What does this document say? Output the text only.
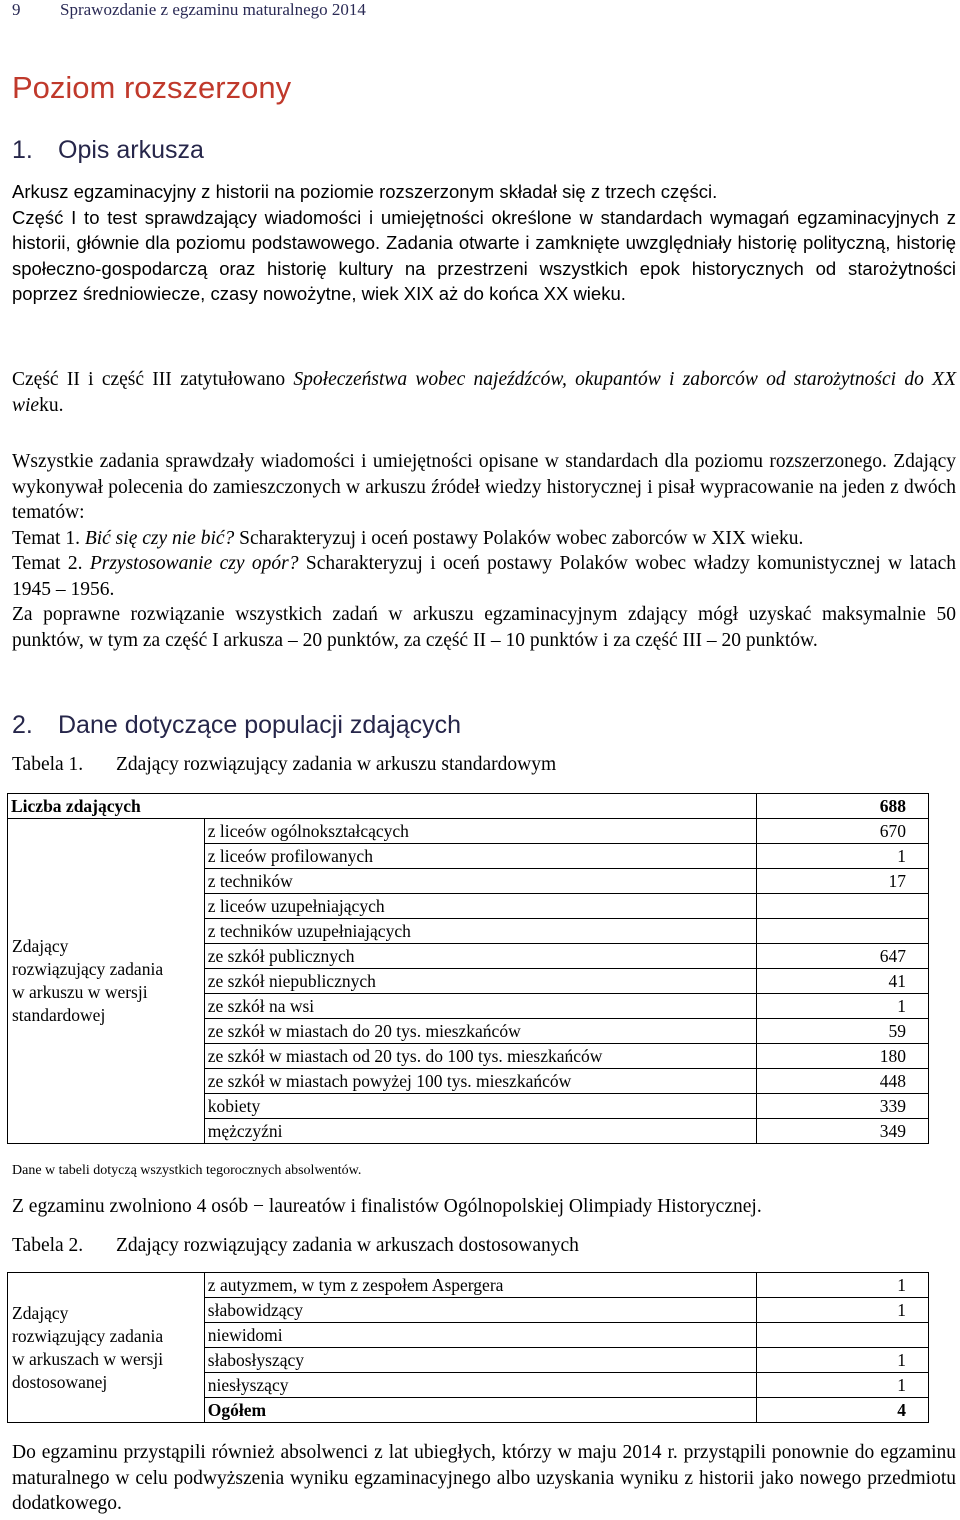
9 Sprawozdanie z egzaminu maturalnego 2014
Poziom rozszerzony
1. Opis arkusza
Arkusz egzaminacyjny z historii na poziomie rozszerzonym składał się z trzech części.
Część I to test sprawdzający wiadomości i umiejętności określone w standardach wymagań egzaminacyjnych z historii, głównie dla poziomu podstawowego. Zadania otwarte i zamknięte uwzględniały historię polityczną, historię społeczno-gospodarczą oraz historię kultury na przestrzeni wszystkich epok historycznych od starożytności poprzez średniowiecze, czasy nowożytne, wiek XIX aż do końca XX wieku.
Część II i część III zatytułowano Społeczeństwa wobec najeźdźców, okupantów i zaborców od starożytności do XX wieku.

Wszystkie zadania sprawdzały wiadomości i umiejętności opisane w standardach dla poziomu rozszerzonego. Zdający wykonywał polecenia do zamieszczonych w arkuszu źródeł wiedzy historycznej i pisał wypracowanie na jeden z dwóch tematów:

Temat 1. Bić się czy nie bić? Scharakteryzuj i oceń postawy Polaków wobec zaborców w XIX wieku.

Temat 2. Przystosowanie czy opór? Scharakteryzuj i oceń postawy Polaków wobec władzy komunistycznej w latach 1945 – 1956.

Za poprawne rozwiązanie wszystkich zadań w arkuszu egzaminacyjnym zdający mógł uzyskać maksymalnie 50 punktów, w tym za część I arkusza – 20 punktów, za część II – 10 punktów i za część III – 20 punktów.

2. Dane dotyczące populacji zdających
Tabela 1. Zdający rozwiązujący zadania w arkuszu standardowym
Liczba zdających		688

Zdający
rozwiązujący zadania
w arkuszu w wersji
standardowej	z liceów ogólnokształcących	670
	z liceów profilowanych	1
	z techników	17
	z liceów uzupełniających	
	z techników uzupełniających	
	ze szkół publicznych	647
	ze szkół niepublicznych	41
	ze szkół na wsi	1
	ze szkół w miastach do 20 tys. mieszkańców	59
	ze szkół w miastach od 20 tys. do 100 tys. mieszkańców	180
	ze szkół w miastach powyżej 100 tys. mieszkańców	448
	kobiety	339
	mężczyźni	349
Dane w tabeli dotyczą wszystkich tegorocznych absolwentów.
Z egzaminu zwolniono 4 osób − laureatów i finalistów Ogólnopolskiej Olimpiady Historycznej.
Tabela 2. Zdający rozwiązujący zadania w arkuszach dostosowanych
Zdający
rozwiązujący zadania
w arkuszach w wersji
dostosowanej	z autyzmem, w tym z zespołem Aspergera	1
	słabowidzący	1
	niewidomi	
	słabosłyszący	1
	niesłyszący	1
	Ogółem	4
Do egzaminu przystąpili również absolwenci z lat ubiegłych, którzy w maju 2014 r. przystąpili ponownie do egzaminu maturalnego w celu podwyższenia wyniku egzaminacyjnego albo uzyskania wyniku z historii jako nowego przedmiotu dodatkowego.
